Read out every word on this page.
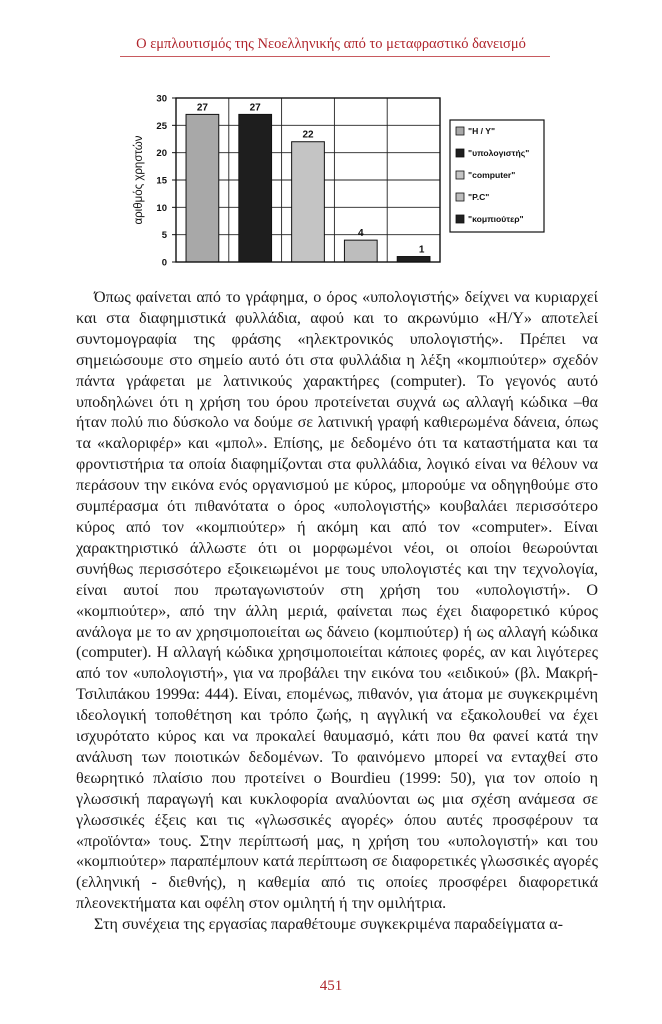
Ο εμπλουτισμός της Νεοελληνικής από το μεταφραστικό δανεισμό
0
5
10
15
20
25
30
αριθμός χρηστών
27	27
22
4
1
"Η / Υ"
"υπολογιστής"
"computer"
"P.C"
"κομπιούτερ"

Όπως φαίνεται από το γράφημα, ο όρος «υπολογιστής» δείχνει να κυριαρχεί και στα διαφημιστικά φυλλάδια, αφού και το ακρωνύμιο «Η/Υ» αποτελεί συντομογραφία της φράσης «ηλεκτρονικός υπολογιστής». Πρέπει να σημειώσουμε στο σημείο αυτό ότι στα φυλλάδια η λέξη «κομπιούτερ» σχεδόν πάντα γράφεται με λατινικούς χαρακτήρες (computer). Το γεγονός αυτό υποδηλώνει ότι η χρήση του όρου προτείνεται συχνά ως αλλαγή κώδικα –θα ήταν πολύ πιο δύσκολο να δούμε σε λατινική γραφή καθιερωμένα δάνεια, όπως τα «καλοριφέρ» και «μπολ». Επίσης, με δεδομένο ότι τα καταστήματα και τα φροντιστήρια τα οποία διαφημίζονται στα φυλλάδια, λογικό είναι να θέλουν να περάσουν την εικόνα ενός οργανισμού με κύρος, μπορούμε να οδηγηθούμε στο συμπέρασμα ότι πιθανότατα ο όρος «υπολογιστής» κουβαλάει περισσότερο κύρος από τον «κομπιούτερ» ή ακόμη και από τον «computer». Είναι χαρακτηριστικό άλλωστε ότι οι μορφωμένοι νέοι, οι οποίοι θεωρούνται συνήθως περισσότερο εξοικειωμένοι με τους υπολογιστές και την τεχνολογία, είναι αυτοί που πρωταγωνιστούν στη χρήση του «υπολογιστή». Ο «κομπιούτερ», από την άλλη μεριά, φαίνεται πως έχει διαφορετικό κύρος ανάλογα με το αν χρησιμοποιείται ως δάνειο (κομπιούτερ) ή ως αλλαγή κώδικα (computer). Η αλλαγή κώδικα χρησιμοποιείται κάποιες φορές, αν και λιγότερες από τον «υπολογιστή», για να προβάλει την εικόνα του «ειδικού» (βλ. Μακρή-Τσιλιπάκου 1999α: 444). Είναι, επομένως, πιθανόν, για άτομα με συγκεκριμένη ιδεολογική τοποθέτηση και τρόπο ζωής, η αγγλική να εξακολουθεί να έχει ισχυρότατο κύρος και να προκαλεί θαυμασμό, κάτι που θα φανεί κατά την ανάλυση των ποιοτικών δεδομένων. Το φαινόμενο μπορεί να ενταχθεί στο θεωρητικό πλαίσιο που προτείνει ο Bourdieu (1999: 50), για τον οποίο η γλωσσική παραγωγή και κυκλοφορία αναλύονται ως μια σχέση ανάμεσα σε γλωσσικές έξεις και τις «γλωσσικές αγορές» όπου αυτές προσφέρουν τα «προϊόντα» τους. Στην περίπτωσή μας, η χρήση του «υπολογιστή» και του «κομπιούτερ» παραπέμπουν κατά περίπτωση σε διαφορετικές γλωσσικές αγορές (ελληνική - διεθνής), η καθεμία από τις οποίες προσφέρει διαφορετικά πλεονεκτήματα και οφέλη στον ομιλητή ή την ομιλήτρια.

Στη συνέχεια της εργασίας παραθέτουμε συγκεκριμένα παραδείγματα α-

451
